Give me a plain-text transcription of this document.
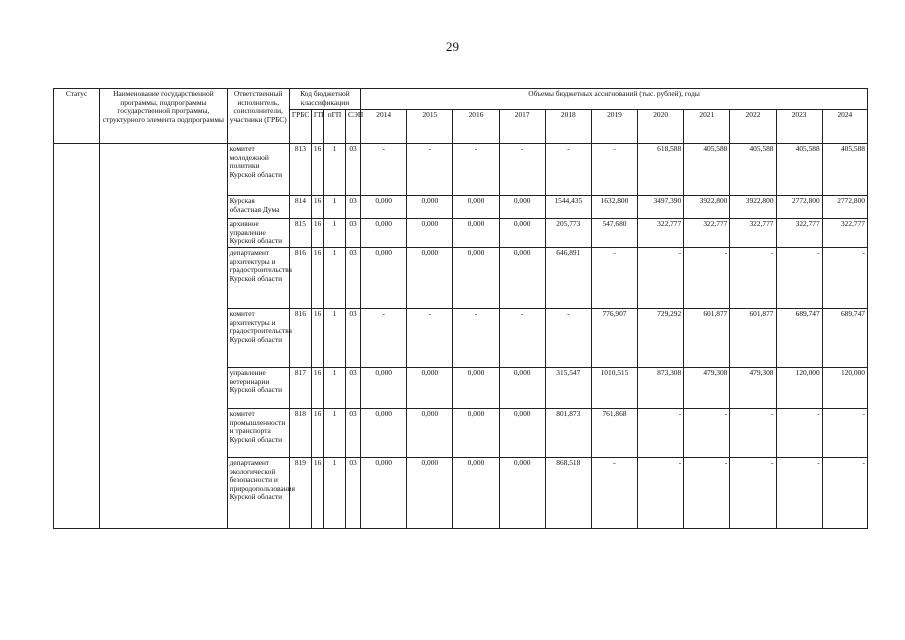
29
Статус	Наименование государственной программы, подпрограммы государственной программы, структурного элемента подпрограммы	Ответственный исполнитель, соисполнители, участники (ГРБС)	Код бюджетной классификации				Объемы бюджетных ассигнований (тыс. рублей), годы										
			ГРБС	ГП	пГП	СЭП	2014	2015	2016	2017	2018	2019	2020	2021	2022	2023	2024
		комитет молодежной политики Курской области	813	16	1	03	-	-	-	-	-	-	618,588	405,588	405,588	405,588	405,588
		Курская областная Дума	814	16	1	03	0,000	0,000	0,000	0,000	1544,435	1632,800	3497,390	3922,800	3922,800	2772,800	2772,800
		архивное управление Курской области	815	16	1	03	0,000	0,000	0,000	0,000	205,773	547,680	322,777	322,777	322,777	322,777	322,777
		департамент архитектуры и градостроительства Курской области	816	16	1	03	0,000	0,000	0,000	0,000	646,891	-	-	-	-	-	-
		комитет архитектуры и градостроительства Курской области	816	16	1	03	-	-	-	-	-	776,907	729,292	601,877	601,877	689,747	689,747
		управление ветеринарии Курской области	817	16	1	03	0,000	0,000	0,000	0,000	315,547	1010,515	873,308	479,308	479,308	120,000	120,000
		комитет промышленности и транспорта Курской области	818	16	1	03	0,000	0,000	0,000	0,000	801,873	761,868	-	-	-	-	-
		департамент экологической безопасности и природопользования Курской области	819	16	1	03	0,000	0,000	0,000	0,000	868,518	-	-	-	-	-	-
